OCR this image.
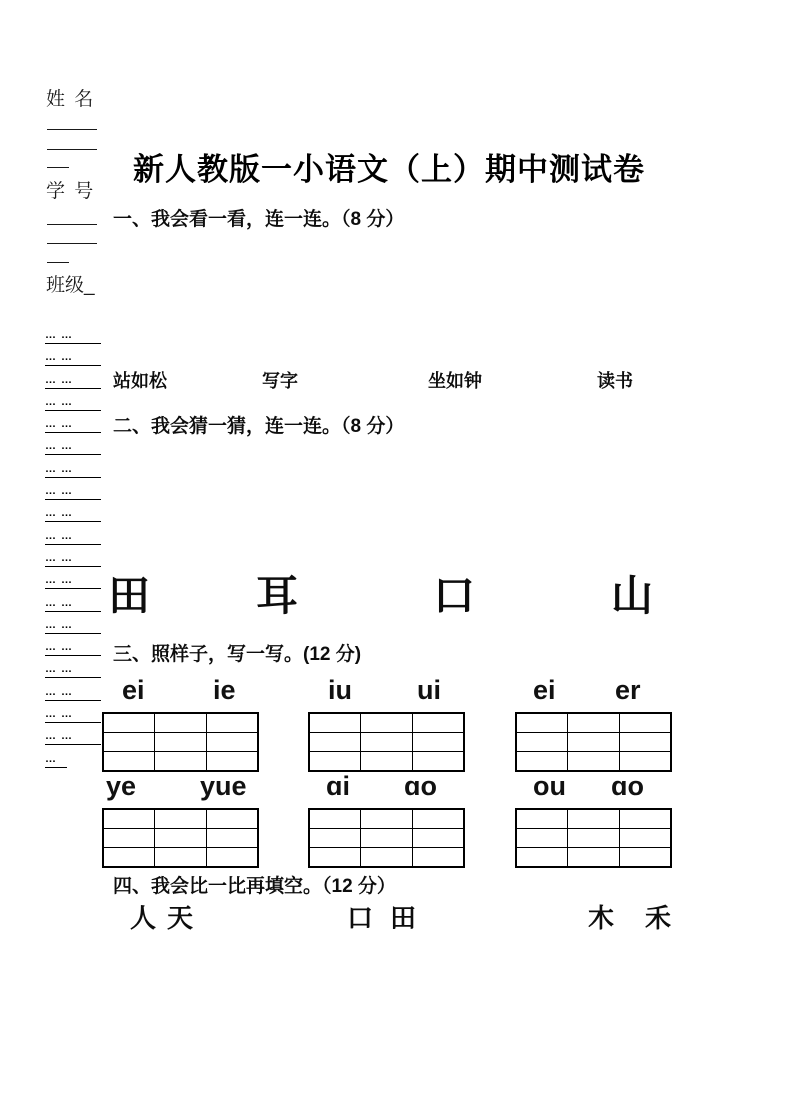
姓 名
学 号
班级_
… …
… …
… …
… …
… …
… …
… …
… …
… …
… …
… …
… …
… …
… …
… …
… …
… …
… …
… …
…
新人教版一小语文（上）期中测试卷
一、我会看一看，连一连。（8 分）
站如松	写字	坐如钟	读书
二、我会猜一猜，连一连。（8 分）
田	耳	口	山
三、照样子，写一写。(12 分)
ei	ie	iu ui	ei er

ye yue	ɑi ɑo	ou ɑo

四、我会比一比再填空。（12 分）
人 天	口 田	木 禾
